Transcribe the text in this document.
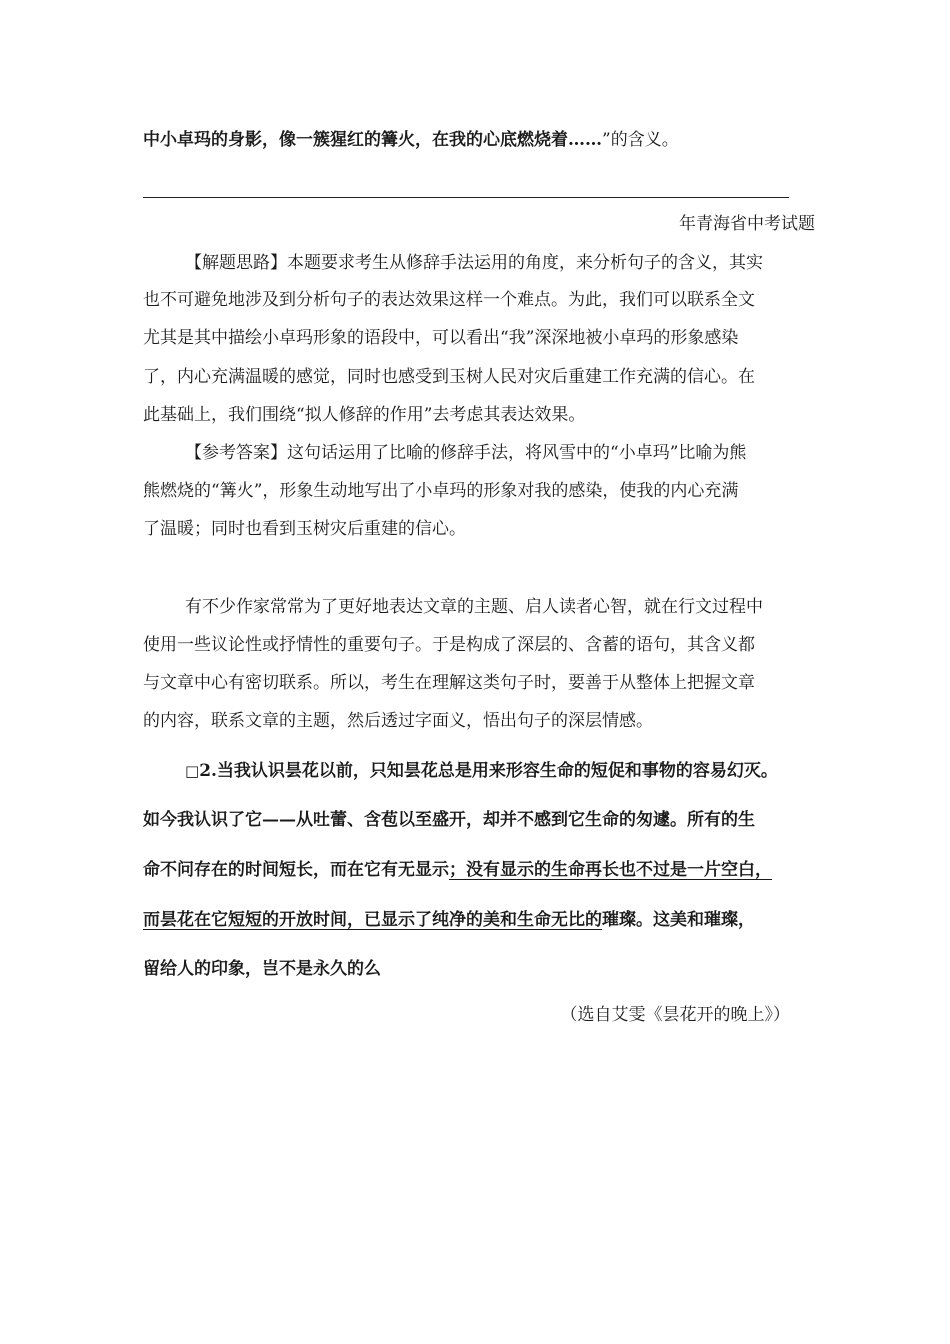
中小卓玛的身影，像一簇猩红的篝火，在我的心底燃烧着……”的含义。
年青海省中考试题
【解题思路】本题要求考生从修辞手法运用的角度，来分析句子的含义，其实
也不可避免地涉及到分析句子的表达效果这样一个难点。为此，我们可以联系全文
尤其是其中描绘小卓玛形象的语段中，可以看出“我”深深地被小卓玛的形象感染
了，内心充满温暖的感觉，同时也感受到玉树人民对灾后重建工作充满的信心。在
此基础上，我们围绕“拟人修辞的作用”去考虑其表达效果。
【参考答案】这句话运用了比喻的修辞手法，将风雪中的“小卓玛”比喻为熊
熊燃烧的“篝火”，形象生动地写出了小卓玛的形象对我的感染，使我的内心充满
了温暖；同时也看到玉树灾后重建的信心。
有不少作家常常为了更好地表达文章的主题、启人读者心智，就在行文过程中
使用一些议论性或抒情性的重要句子。于是构成了深层的、含蓄的语句，其含义都
与文章中心有密切联系。所以，考生在理解这类句子时，要善于从整体上把握文章
的内容，联系文章的主题，然后透过字面义，悟出句子的深层情感。
□2.当我认识昙花以前，只知昙花总是用来形容生命的短促和事物的容易幻灭。
如今我认识了它——从吐蕾、含苞以至盛开，却并不感到它生命的匆遽。所有的生
命不问存在的时间短长，而在它有无显示；没有显示的生命再长也不过是一片空白，
而昙花在它短短的开放时间，已显示了纯净的美和生命无比的璀璨。这美和璀璨，
留给人的印象，岂不是永久的么
（选自艾雯《昙花开的晚上》）
